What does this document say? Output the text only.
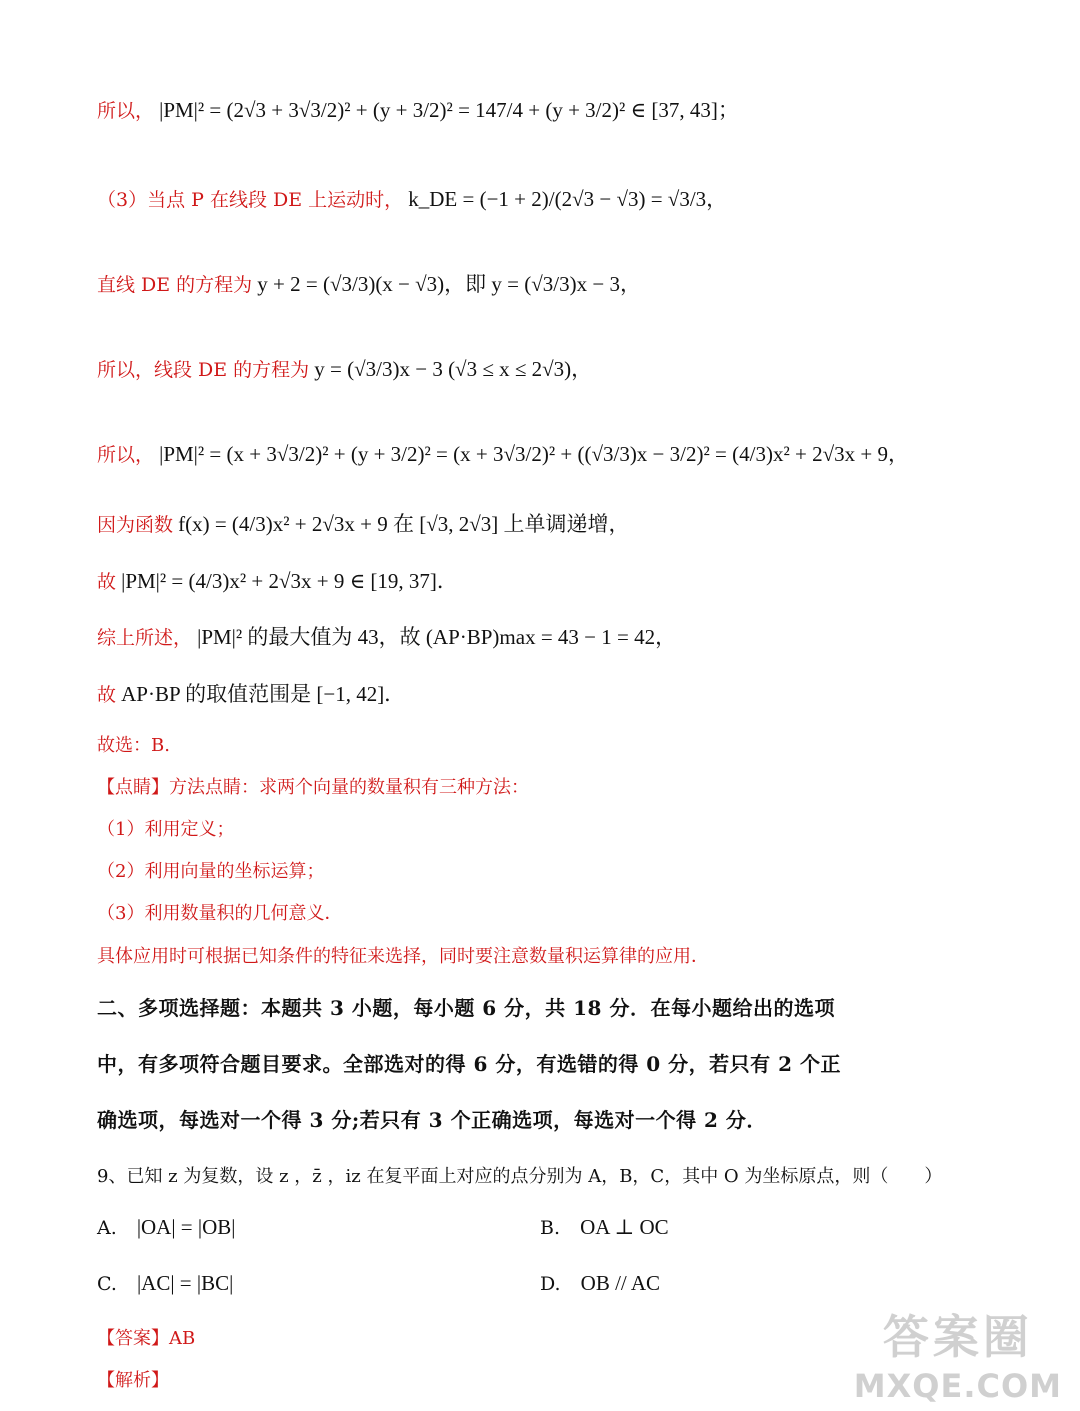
所以， |PM|² = (2√3 + 3√3/2)² + (y + 3/2)² = 147/4 + (y + 3/2)² ∈ [37, 43]；
（3）当点 P 在线段 DE 上运动时， k_DE = (−1 + 2)/(2√3 − √3) = √3/3，
直线 DE 的方程为 y + 2 = (√3/3)(x − √3)，即 y = (√3/3)x − 3，
所以，线段 DE 的方程为 y = (√3/3)x − 3 (√3 ≤ x ≤ 2√3)，
所以， |PM|² = (x + 3√3/2)² + (y + 3/2)² = (x + 3√3/2)² + ((√3/3)x − 3/2)² = (4/3)x² + 2√3x + 9，
因为函数 f(x) = (4/3)x² + 2√3x + 9 在 [√3, 2√3] 上单调递增，
故 |PM|² = (4/3)x² + 2√3x + 9 ∈ [19, 37]．
综上所述， |PM|² 的最大值为 43，故 (AP·BP)max = 43 − 1 = 42，
故 AP·BP 的取值范围是 [−1, 42]．
故选：B.
【点睛】方法点睛：求两个向量的数量积有三种方法：
（1）利用定义；
（2）利用向量的坐标运算；
（3）利用数量积的几何意义．
具体应用时可根据已知条件的特征来选择，同时要注意数量积运算律的应用．
二、多项选择题：本题共 3 小题，每小题 6 分，共 18 分．在每小题给出的选项
中，有多项符合题目要求。全部选对的得 6 分，有选错的得 0 分，若只有 2 个正
确选项，每选对一个得 3 分;若只有 3 个正确选项，每选对一个得 2 分．
9、已知 z 为复数，设 z ，z̄ ，iz 在复平面上对应的点分别为 A，B，C，其中 O 为坐标原点，则（　　）
A. |OA| = |OB|	B. OA ⊥ OC
C. |AC| = |BC|	D. OB // AC
【答案】AB
【解析】
答案圈
MXQE.COM
